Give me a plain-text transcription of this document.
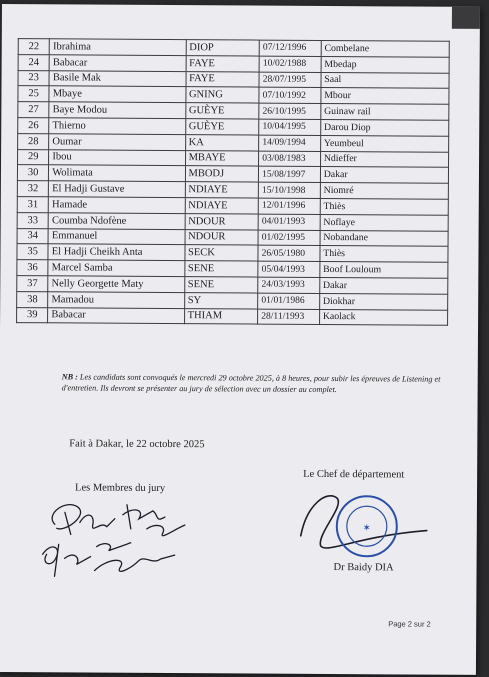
22	Ibrahima	DIOP	07/12/1996	Combelane
24	Babacar	FAYE	10/02/1988	Mbedap
23	Basile Mak	FAYE	28/07/1995	Saal
25	Mbaye	GNING	07/10/1992	Mbour
27	Baye Modou	GUÈYE	26/10/1995	Guinaw rail
26	Thierno	GUÈYE	10/04/1995	Darou Diop
28	Oumar	KA	14/09/1994	Yeumbeul
29	Ibou	MBAYE	03/08/1983	Ndieffer
30	Wolimata	MBODJ	15/08/1997	Dakar
32	El Hadji Gustave	NDIAYE	15/10/1998	Niomré
31	Hamade	NDIAYE	12/01/1996	Thiès
33	Coumba Ndofène	NDOUR	04/01/1993	Noflaye
34	Emmanuel	NDOUR	01/02/1995	Nobandane
35	El Hadji Cheikh Anta	SECK	26/05/1980	Thiès
36	Marcel Samba	SENE	05/04/1993	Boof Louloum
37	Nelly Georgette Maty	SENE	24/03/1993	Dakar
38	Mamadou	SY	01/01/1986	Diokhar
39	Babacar	THIAM	28/11/1993	Kaolack
NB : Les candidats sont convoqués le mercredi 29 octobre 2025, à 8 heures, pour subir les épreuves de Listening et d'entretien. Ils devront se présenter au jury de sélection avec un dossier au complet.
Fait à Dakar, le 22 octobre 2025
Les Membres du jury
Le Chef de département
✶
Dr Baidy DIA
Page 2 sur 2
